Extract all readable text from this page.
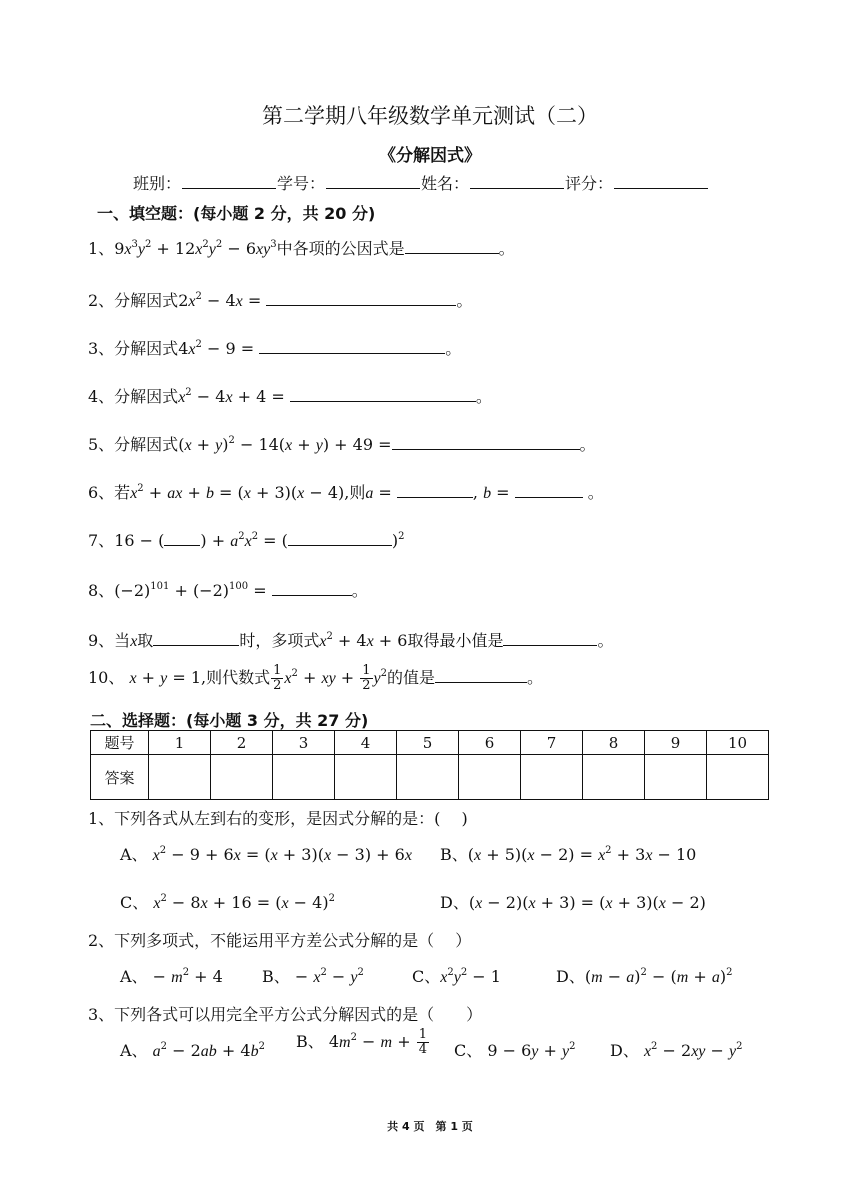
第二学期八年级数学单元测试（二）
《分解因式》
班别：	学号：	姓名：	评分：
一、填空题：(每小题 2 分，共 20 分)
1、$9x^3y^2 + 12x^2y^2 - 6xy^3$中各项的公因式是	。
2、分解因式$2x^2 - 4x$ =	。
3、分解因式$4x^2 - 9$ =	。
4、分解因式$x^2 - 4x + 4$ =	。
5、分解因式$(x + y)^2 - 14(x + y) + 49$ =	。
6、若$x^2$ + ax + b = (x + 3)(x − 4),则a =	, b =	。
7、16 − ( ) + $a^2x^2$ = (	)$^2$
8、$(-2)^{101} + (-2)^{100}$ =	。
9、当x取	时，多项式$x^2 + 4x + 6$取得最小值是	。
10、 x + y = 1,则代数式 $\frac{1}{2} x^2$ + xy + $\frac{1}{2} y^2$的值是	。
二、选择题：(每小题 3 分，共 27 分)
题号	1	2	3	4	5	6	7	8	9	10
答案										
1、下列各式从左到右的变形，是因式分解的是：(　 )
A、 $x^2 - 9 + 6x = (x + 3)(x - 3) + 6x$ B、$(x + 5)(x - 2) = x^2 + 3x - 10$
C、 $x^2 - 8x + 16 = (x - 4)^2$	D、(x − 2)(x + 3) = (x + 3)(x − 2)
2、下列多项式，不能运用平方差公式分解的是（　 ）
A、 − $m^2 + 4$ B、 − $x^2 - y^2$	C、$x^2y^2 - 1$	D、$(m - a)^2 - (m + a)^2$
3、下列各式可以用完全平方公式分解因式的是（　　）
A、 $a^2 - 2ab + 4b^2$ B、 $4m^2 - m + \frac{1}{4}$ C、 $9 - 6y + y^2$ D、 $x^2 - 2xy - y^2$
共 4 页　第 1 页
